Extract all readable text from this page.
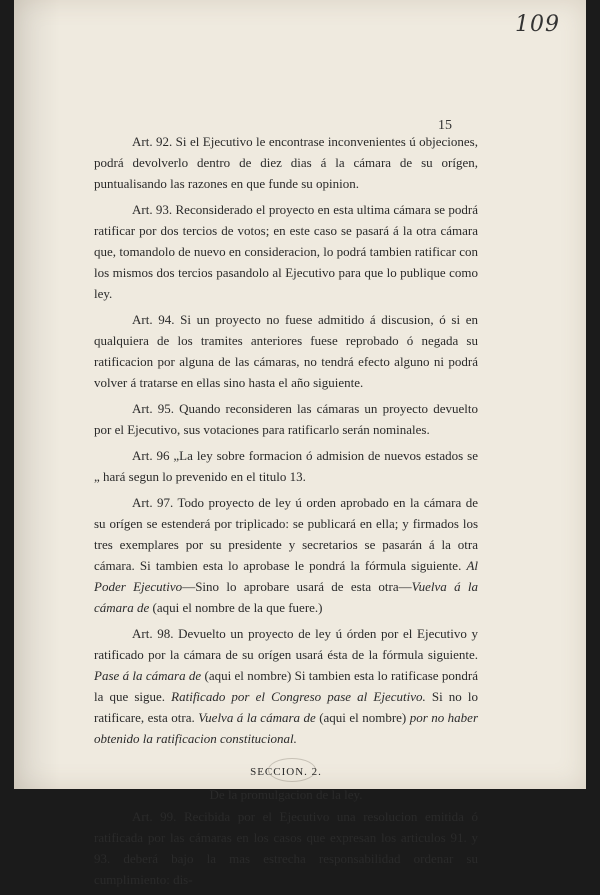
109
15

Art. 92. Si el Ejecutivo le encontrase inconvenientes ú objeciones, podrá devolverlo dentro de diez dias á la cámara de su orígen, puntualisando las razones en que funde su opinion.

Art. 93. Reconsiderado el proyecto en esta ultima cámara se podrá ratificar por dos tercios de votos; en este caso se pasará á la otra cámara que, tomandolo de nuevo en consideracion, lo podrá tambien ratificar con los mismos dos tercios pasandolo al Ejecutivo para que lo publique como ley.

Art. 94. Si un proyecto no fuese admitido á discusion, ó si en qualquiera de los tramites anteriores fuese reprobado ó negada su ratificacion por alguna de las cámaras, no tendrá efecto alguno ni podrá volver á tratarse en ellas sino hasta el año siguiente.

Art. 95. Quando reconsideren las cámaras un proyecto devuelto por el Ejecutivo, sus votaciones para ratificarlo serán nominales.

Art. 96 „La ley sobre formacion ó admision de nuevos estados se „ hará segun lo prevenido en el titulo 13.

Art. 97. Todo proyecto de ley ú orden aprobado en la cámara de su orígen se estenderá por triplicado: se publicará en ella; y firmados los tres exemplares por su presidente y secretarios se pasarán á la otra cámara. Si tambien esta lo aprobase le pondrá la fórmula siguiente. Al Poder Ejecutivo—Sino lo aprobare usará de esta otra—Vuelva á la cámara de (aqui el nombre de la que fuere.)

Art. 98. Devuelto un proyecto de ley ú órden por el Ejecutivo y ratificado por la cámara de su orígen usará ésta de la fórmula siguiente. Pase á la cámara de (aqui el nombre) Si tambien esta lo ratificase pondrá la que sigue. Ratificado por el Congreso pase al Ejecutivo. Si no lo ratificare, esta otra. Vuelva á la cámara de (aqui el nombre) por no haber obtenido la ratificacion constitucional.

SECCION. 2.
De la promulgacion de la ley.

Art. 99. Recibida por el Ejecutivo una resolucion emitida ó ratificada por las cámaras en los casos que expresan los articulos 91. y 93. deberá bajo la mas estrecha responsabilidad ordenar su cumplimiento: dis-
